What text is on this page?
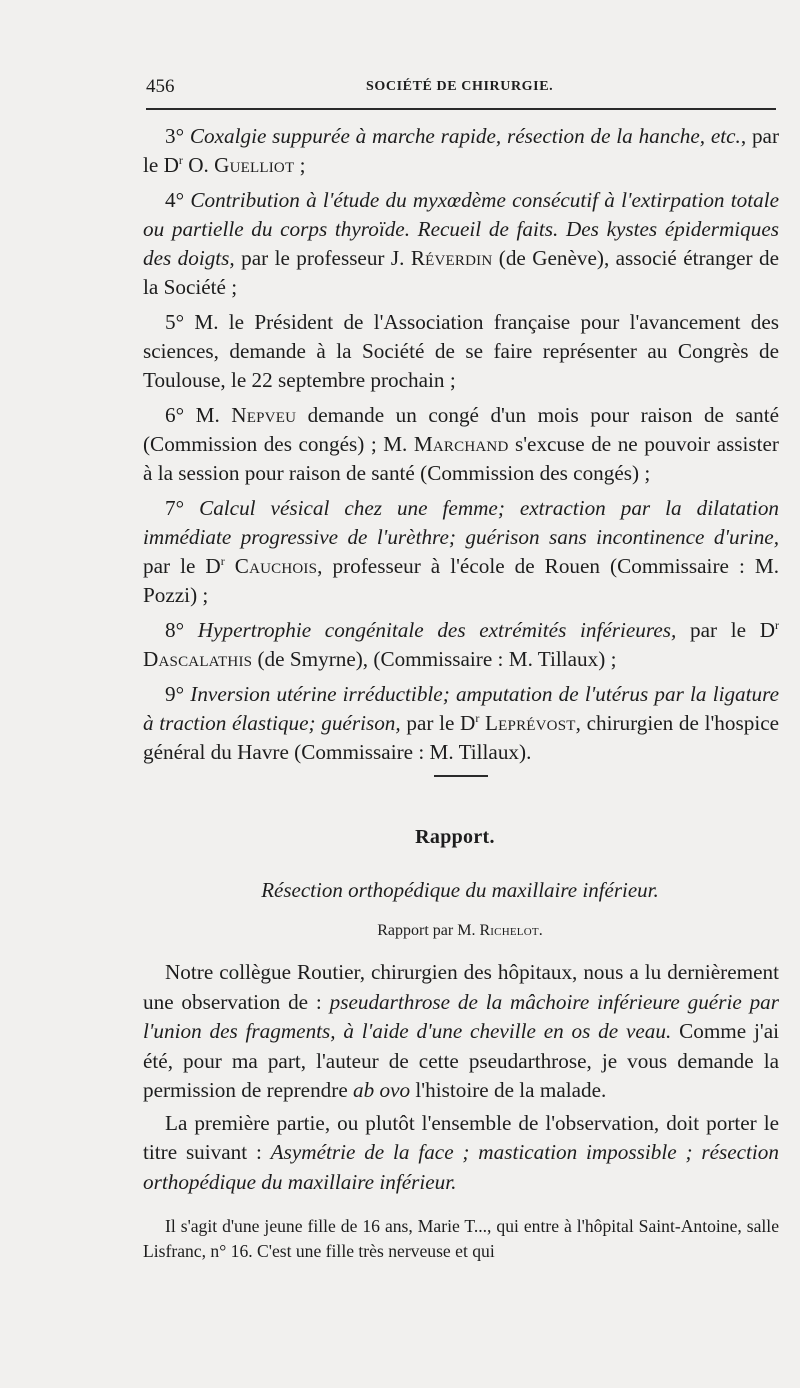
456	SOCIÉTÉ DE CHIRURGIE.

3° Coxalgie suppurée à marche rapide, résection de la hanche, etc., par le $D^r$ O. Guelliot ;

4° Contribution à l'étude du myxœdème consécutif à l'extirpation totale ou partielle du corps thyroïde. Recueil de faits. Des kystes épidermiques des doigts, par le professeur J. Réverdin (de Genève), associé étranger de la Société ;

5° M. le Président de l'Association française pour l'avancement des sciences, demande à la Société de se faire représenter au Congrès de Toulouse, le 22 septembre prochain ;

6° M. Nepveu demande un congé d'un mois pour raison de santé (Commission des congés) ; M. Marchand s'excuse de ne pouvoir assister à la session pour raison de santé (Commission des congés) ;

7° Calcul vésical chez une femme; extraction par la dilatation immédiate progressive de l'urèthre; guérison sans incontinence d'urine, par le $D^r$ Cauchois, professeur à l'école de Rouen (Commissaire : M. Pozzi) ;

8° Hypertrophie congénitale des extrémités inférieures, par le $D^r$ Dascalathis (de Smyrne), (Commissaire : M. Tillaux) ;

9° Inversion utérine irréductible; amputation de l'utérus par la ligature à traction élastique; guérison, par le $D^r$ Leprévost, chirurgien de l'hospice général du Havre (Commissaire : M. Tillaux).

Rapport.
Résection orthopédique du maxillaire inférieur.
Rapport par M. Richelot.

Notre collègue Routier, chirurgien des hôpitaux, nous a lu dernièrement une observation de : pseudarthrose de la mâchoire inférieure guérie par l'union des fragments, à l'aide d'une cheville en os de veau. Comme j'ai été, pour ma part, l'auteur de cette pseudarthrose, je vous demande la permission de reprendre ab ovo l'histoire de la malade.

La première partie, ou plutôt l'ensemble de l'observation, doit porter le titre suivant : Asymétrie de la face ; mastication impossible ; résection orthopédique du maxillaire inférieur.

Il s'agit d'une jeune fille de 16 ans, Marie T..., qui entre à l'hôpital Saint-Antoine, salle Lisfranc, n° 16. C'est une fille très nerveuse et qui
